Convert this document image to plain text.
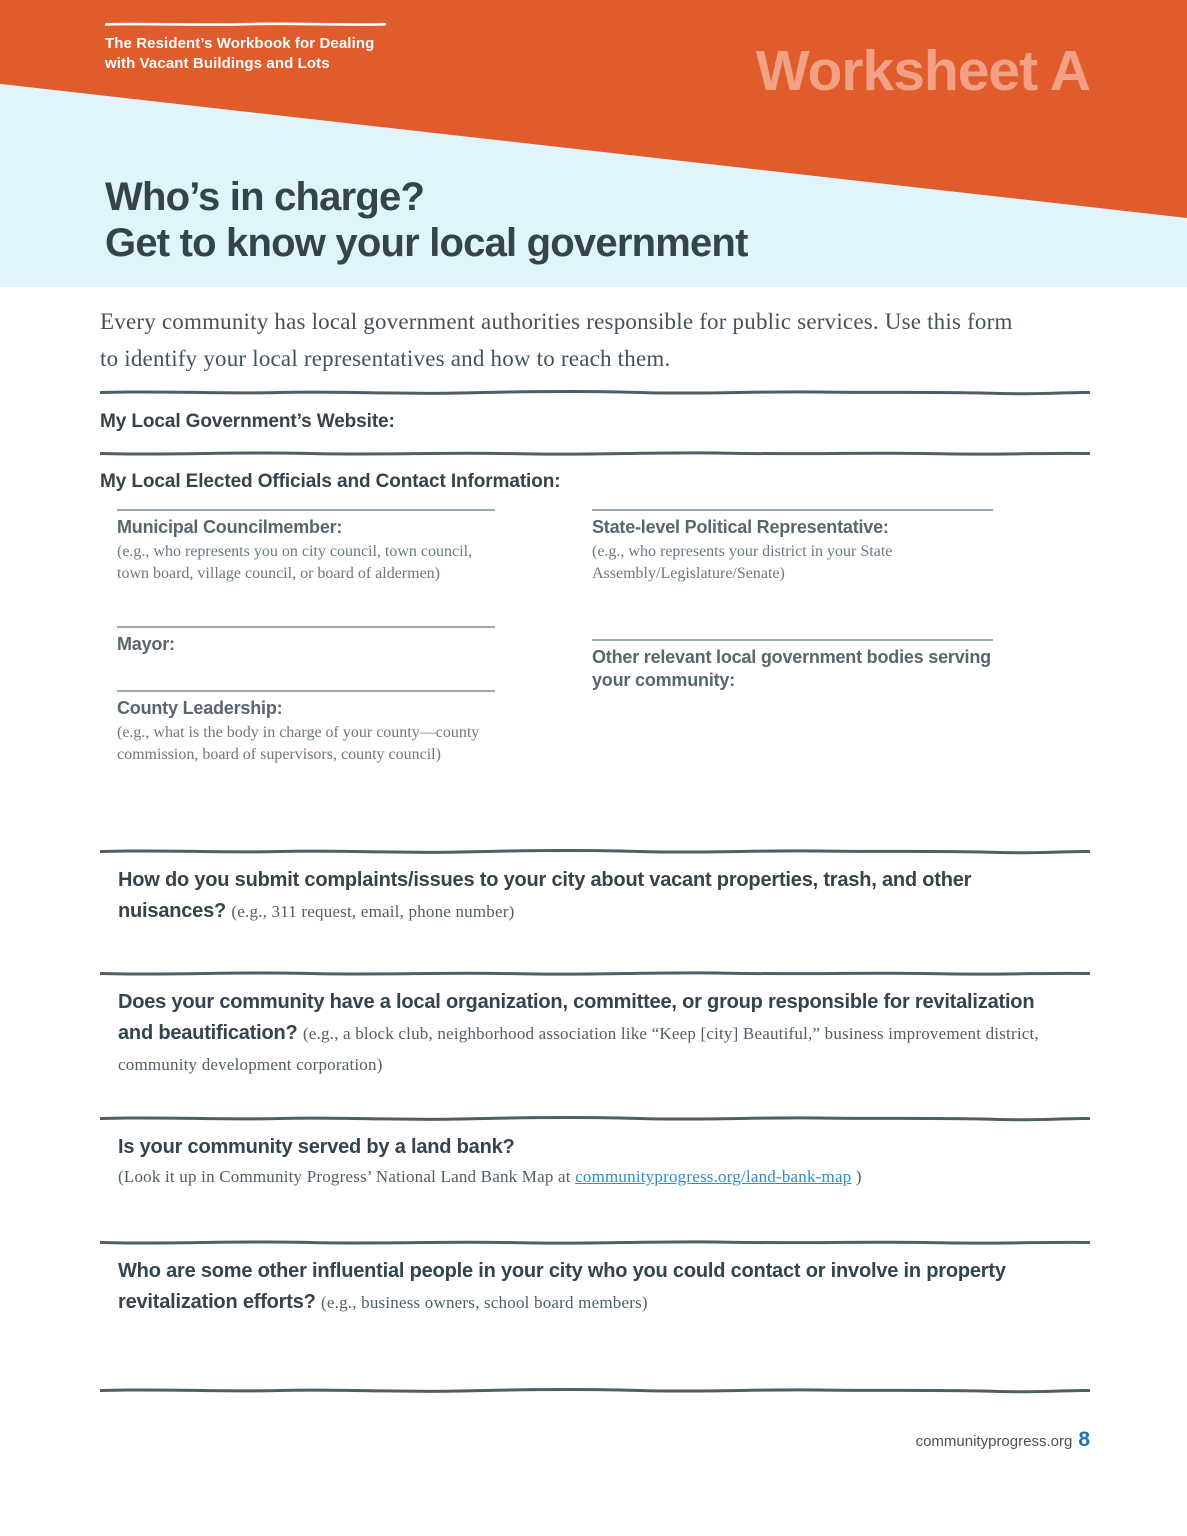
The Resident’s Workbook for Dealing
with Vacant Buildings and Lots	Worksheet A
Who’s in charge?
Get to know your local government

Every community has local government authorities responsible for public services. Use this form to identify your local representatives and how to reach them.

My Local Government’s Website:
My Local Elected Officials and Contact Information:
Municipal Councilmember:
(e.g., who represents you on city council, town council, town board, village council, or board of aldermen)
Mayor:
County Leadership:
(e.g., what is the body in charge of your county—county commission, board of supervisors, county council)
State-level Political Representative:
(e.g., who represents your district in your State Assembly/Legislature/Senate)
Other relevant local government bodies serving your community:

How do you submit complaints/issues to your city about vacant properties, trash, and other nuisances? (e.g., 311 request, email, phone number)

Does your community have a local organization, committee, or group responsible for revitalization and beautification? (e.g., a block club, neighborhood association like “Keep [city] Beautiful,” business improvement district, community development corporation)

Is your community served by a land bank?

(Look it up in Community Progress’ National Land Bank Map at communityprogress.org/land-bank-map )

Who are some other influential people in your city who you could contact or involve in property revitalization efforts? (e.g., business owners, school board members)

communityprogress.org 8
